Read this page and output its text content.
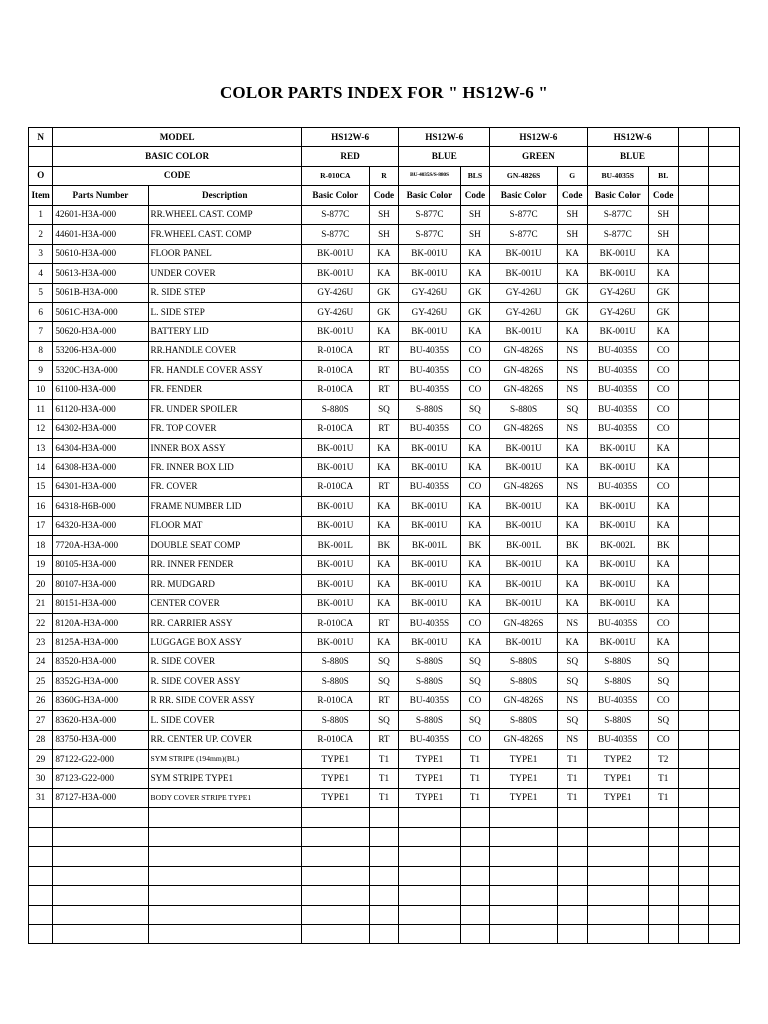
COLOR PARTS INDEX FOR " HS12W-6 "
N	MODEL		HS12W-6		HS12W-6		HS12W-6		HS12W-6			
	BASIC COLOR		RED		BLUE		GREEN		BLUE			
O	CODE		R-010CA	R	BU-4035S/S-880S	BLS	GN-4826S	G	BU-4035S	BL		
Item	Parts Number	Description	Basic Color	Code	Basic Color	Code	Basic Color	Code	Basic Color	Code		
1	42601-H3A-000	RR.WHEEL CAST. COMP	S-877C	SH	S-877C	SH	S-877C	SH	S-877C	SH		
2	44601-H3A-000	FR.WHEEL CAST. COMP	S-877C	SH	S-877C	SH	S-877C	SH	S-877C	SH		
3	50610-H3A-000	FLOOR PANEL	BK-001U	KA	BK-001U	KA	BK-001U	KA	BK-001U	KA		
4	50613-H3A-000	UNDER COVER	BK-001U	KA	BK-001U	KA	BK-001U	KA	BK-001U	KA		
5	5061B-H3A-000	R. SIDE STEP	GY-426U	GK	GY-426U	GK	GY-426U	GK	GY-426U	GK		
6	5061C-H3A-000	L. SIDE STEP	GY-426U	GK	GY-426U	GK	GY-426U	GK	GY-426U	GK		
7	50620-H3A-000	BATTERY LID	BK-001U	KA	BK-001U	KA	BK-001U	KA	BK-001U	KA		
8	53206-H3A-000	RR.HANDLE COVER	R-010CA	RT	BU-4035S	CO	GN-4826S	NS	BU-4035S	CO		
9	5320C-H3A-000	FR. HANDLE COVER ASSY	R-010CA	RT	BU-4035S	CO	GN-4826S	NS	BU-4035S	CO		
10	61100-H3A-000	FR. FENDER	R-010CA	RT	BU-4035S	CO	GN-4826S	NS	BU-4035S	CO		
11	61120-H3A-000	FR. UNDER SPOILER	S-880S	SQ	S-880S	SQ	S-880S	SQ	BU-4035S	CO		
12	64302-H3A-000	FR. TOP COVER	R-010CA	RT	BU-4035S	CO	GN-4826S	NS	BU-4035S	CO		
13	64304-H3A-000	INNER BOX ASSY	BK-001U	KA	BK-001U	KA	BK-001U	KA	BK-001U	KA		
14	64308-H3A-000	FR. INNER BOX LID	BK-001U	KA	BK-001U	KA	BK-001U	KA	BK-001U	KA		
15	64301-H3A-000	FR. COVER	R-010CA	RT	BU-4035S	CO	GN-4826S	NS	BU-4035S	CO		
16	64318-H6B-000	FRAME NUMBER LID	BK-001U	KA	BK-001U	KA	BK-001U	KA	BK-001U	KA		
17	64320-H3A-000	FLOOR MAT	BK-001U	KA	BK-001U	KA	BK-001U	KA	BK-001U	KA		
18	7720A-H3A-000	DOUBLE SEAT COMP	BK-001L	BK	BK-001L	BK	BK-001L	BK	BK-002L	BK		
19	80105-H3A-000	RR. INNER FENDER	BK-001U	KA	BK-001U	KA	BK-001U	KA	BK-001U	KA		
20	80107-H3A-000	RR. MUDGARD	BK-001U	KA	BK-001U	KA	BK-001U	KA	BK-001U	KA		
21	80151-H3A-000	CENTER COVER	BK-001U	KA	BK-001U	KA	BK-001U	KA	BK-001U	KA		
22	8120A-H3A-000	RR. CARRIER ASSY	R-010CA	RT	BU-4035S	CO	GN-4826S	NS	BU-4035S	CO		
23	8125A-H3A-000	LUGGAGE BOX ASSY	BK-001U	KA	BK-001U	KA	BK-001U	KA	BK-001U	KA		
24	83520-H3A-000	R. SIDE COVER	S-880S	SQ	S-880S	SQ	S-880S	SQ	S-880S	SQ		
25	8352G-H3A-000	R. SIDE COVER ASSY	S-880S	SQ	S-880S	SQ	S-880S	SQ	S-880S	SQ		
26	8360G-H3A-000	R RR. SIDE COVER ASSY	R-010CA	RT	BU-4035S	CO	GN-4826S	NS	BU-4035S	CO		
27	83620-H3A-000	L. SIDE COVER	S-880S	SQ	S-880S	SQ	S-880S	SQ	S-880S	SQ		
28	83750-H3A-000	RR. CENTER UP. COVER	R-010CA	RT	BU-4035S	CO	GN-4826S	NS	BU-4035S	CO		
29	87122-G22-000	SYM STRIPE (194mm)(BL)	TYPE1	T1	TYPE1	T1	TYPE1	T1	TYPE2	T2		
30	87123-G22-000	SYM STRIPE TYPE1	TYPE1	T1	TYPE1	T1	TYPE1	T1	TYPE1	T1		
31	87127-H3A-000	BODY COVER STRIPE TYPE1	TYPE1	T1	TYPE1	T1	TYPE1	T1	TYPE1	T1		
